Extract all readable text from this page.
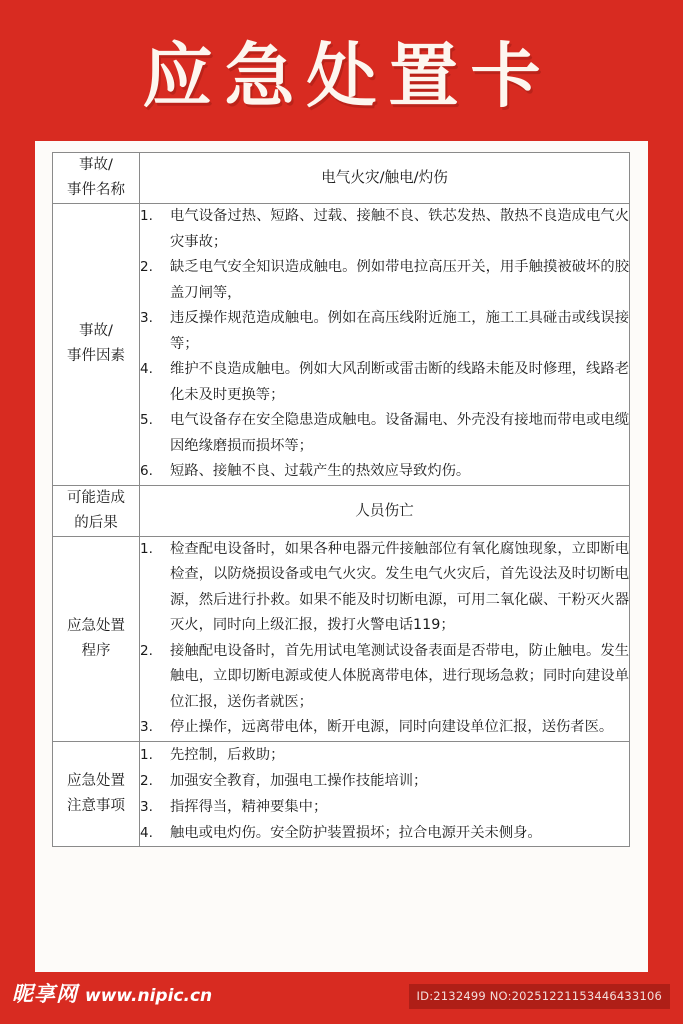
应急处置卡
事故/
事件名称	电气火灾/触电/灼伤

事故/
事件因素

1.	电气设备过热、短路、过载、接触不良、铁芯发热、散热不良造成电气火灾事故；
2.	缺乏电气安全知识造成触电。例如带电拉高压开关，用手触摸被破坏的胶盖刀闸等，
3.	违反操作规范造成触电。例如在高压线附近施工，施工工具碰击或线误接等；
4.	维护不良造成触电。例如大风刮断或雷击断的线路未能及时修理，线路老化未及时更换等；
5.	电气设备存在安全隐患造成触电。设备漏电、外壳没有接地而带电或电缆因绝缘磨损而损坏等；
6.	短路、接触不良、过载产生的热效应导致灼伤。

可能造成
的后果	人员伤亡

应急处置
程序

1.	检查配电设备时，如果各种电器元件接触部位有氧化腐蚀现象，立即断电检查，以防烧损设备或电气火灾。发生电气火灾后，首先设法及时切断电源，然后进行扑救。如果不能及时切断电源，可用二氧化碳、干粉灭火器灭火，同时向上级汇报，拨打火警电话119；
2.	接触配电设备时，首先用试电笔测试设备表面是否带电，防止触电。发生触电，立即切断电源或使人体脱离带电体，进行现场急救；同时向建设单位汇报，送伤者就医；
3.	停止操作，远离带电体，断开电源，同时向建设单位汇报，送伤者医。

应急处置
注意事项

1.	先控制，后救助；
2.	加强安全教育，加强电工操作技能培训；
3.	指挥得当，精神要集中；
4.	触电或电灼伤。安全防护装置损坏；拉合电源开关未侧身。
昵享网 www.nipic.cn	ID:2132499 NO:20251221153446433106
